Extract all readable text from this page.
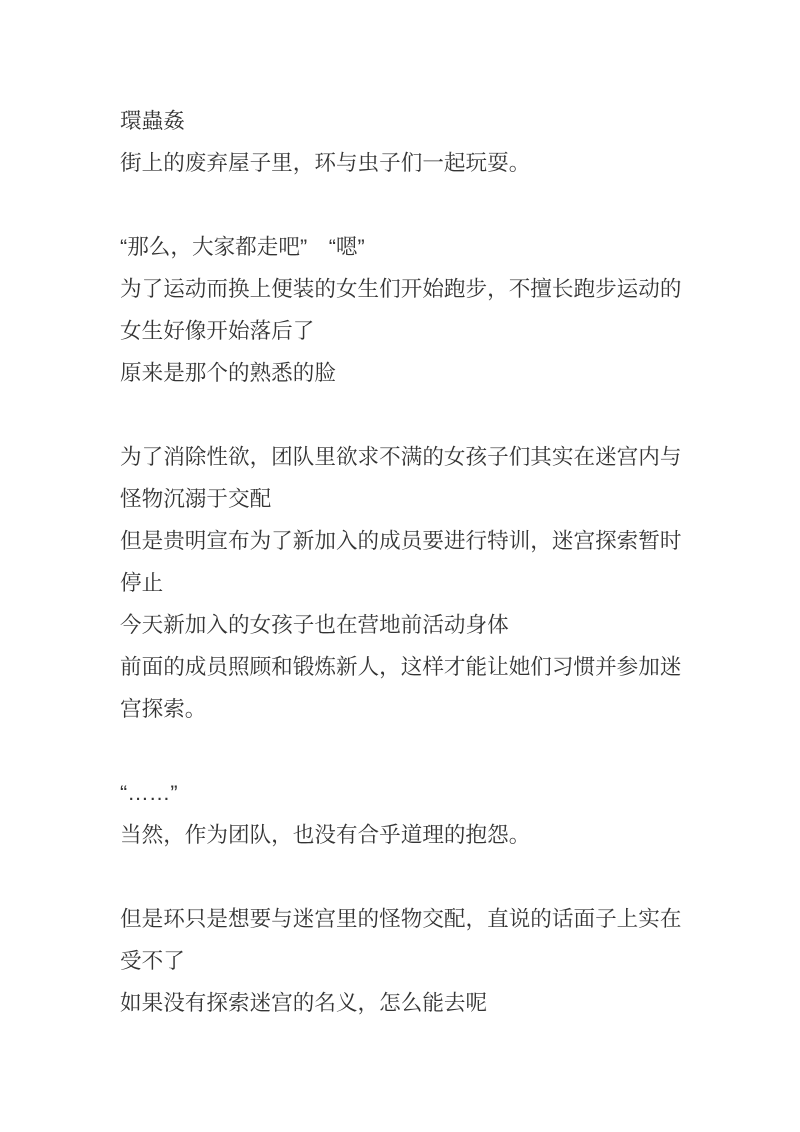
環蟲姦

街上的废弃屋子里，环与虫子们一起玩耍。

“那么，大家都走吧”　“嗯”

为了运动而换上便装的女生们开始跑步，不擅长跑步运动的女生好像开始落后了

原来是那个的熟悉的脸

为了消除性欲，团队里欲求不满的女孩子们其实在迷宫内与怪物沉溺于交配

但是贵明宣布为了新加入的成员要进行特训，迷宫探索暂时停止

今天新加入的女孩子也在营地前活动身体

前面的成员照顾和锻炼新人，这样才能让她们习惯并参加迷宫探索。

“……”

当然，作为团队，也没有合乎道理的抱怨。

但是环只是想要与迷宫里的怪物交配，直说的话面子上实在受不了

如果没有探索迷宫的名义，怎么能去呢
